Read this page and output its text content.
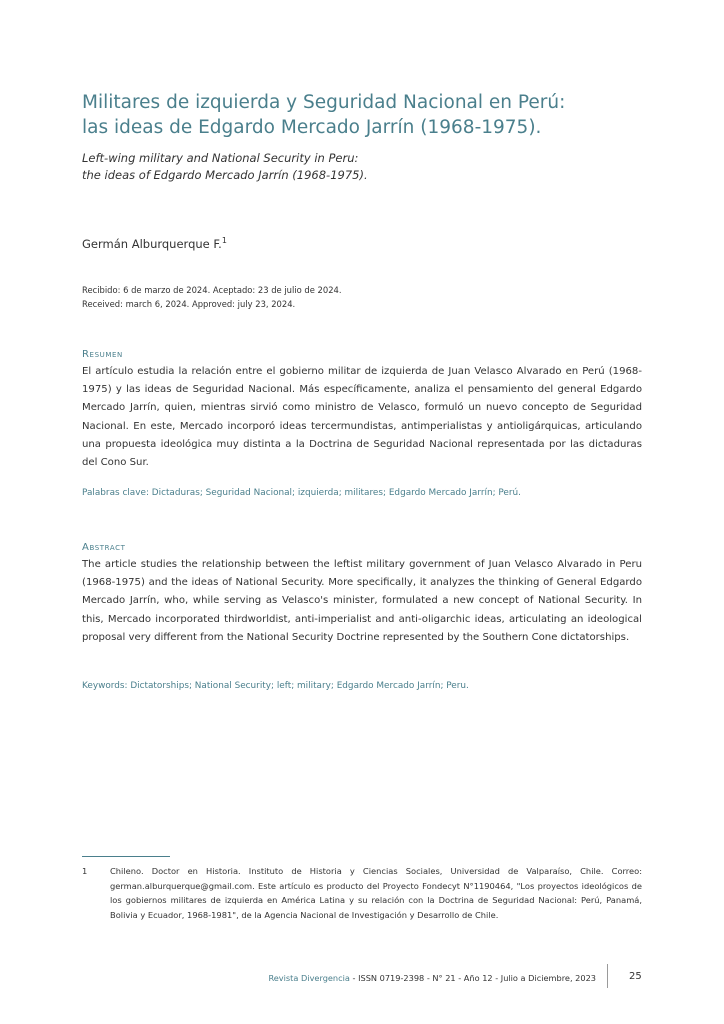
Militares de izquierda y Seguridad Nacional en Perú:
las ideas de Edgardo Mercado Jarrín (1968-1975).

Left-wing military and National Security in Peru:
the ideas of Edgardo Mercado Jarrín (1968-1975).

Germán Alburquerque F.$^1$
Recibido: 6 de marzo de 2024. Aceptado: 23 de julio de 2024.
Received: march 6, 2024. Approved: july 23, 2024.
Resumen

El artículo estudia la relación entre el gobierno militar de izquierda de Juan Velasco Alvarado en Perú (1968-1975) y las ideas de Seguridad Nacional. Más específicamente, analiza el pensamiento del general Edgardo Mercado Jarrín, quien, mientras sirvió como ministro de Velasco, formuló un nuevo concepto de Seguridad Nacional. En este, Mercado incorporó ideas tercermundistas, antimperialistas y antioligárquicas, articulando una propuesta ideológica muy distinta a la Doctrina de Seguridad Nacional representada por las dictaduras del Cono Sur.

Palabras clave: Dictaduras; Seguridad Nacional; izquierda; militares; Edgardo Mercado Jarrín; Perú.
Abstract

The article studies the relationship between the leftist military government of Juan Velasco Alvarado in Peru (1968-1975) and the ideas of National Security. More specifically, it analyzes the thinking of General Edgardo Mercado Jarrín, who, while serving as Velasco's minister, formulated a new concept of National Security. In this, Mercado incorporated thirdworldist, anti-imperialist and anti-oligarchic ideas, articulating an ideological proposal very different from the National Security Doctrine represented by the Southern Cone dictatorships.

Keywords: Dictatorships; National Security; left; military; Edgardo Mercado Jarrín; Peru.
1	Chileno. Doctor en Historia. Instituto de Historia y Ciencias Sociales, Universidad de Valparaíso, Chile. Correo: german.alburquerque@gmail.com. Este artículo es producto del Proyecto Fondecyt N°1190464, "Los proyectos ideológicos de los gobiernos militares de izquierda en América Latina y su relación con la Doctrina de Seguridad Nacional: Perú, Panamá, Bolivia y Ecuador, 1968-1981", de la Agencia Nacional de Investigación y Desarrollo de Chile.
Revista Divergencia - ISSN 0719-2398 - N° 21 - Año 12 - Julio a Diciembre, 2023	25
